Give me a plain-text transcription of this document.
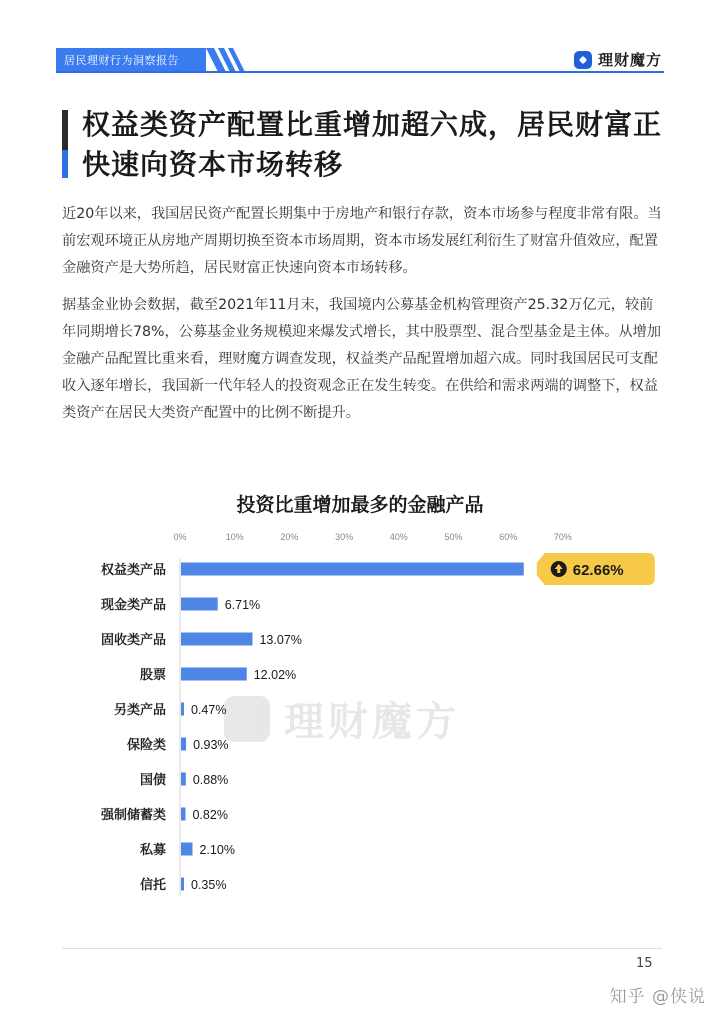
居民理财行为洞察报告	理财魔方
权益类资产配置比重增加超六成，居民财富正快速向资本市场转移

近20年以来，我国居民资产配置长期集中于房地产和银行存款，资本市场参与程度非常有限。当前宏观环境正从房地产周期切换至资本市场周期，资本市场发展红利衍生了财富升值效应，配置金融资产是大势所趋，居民财富正快速向资本市场转移。

据基金业协会数据，截至2021年11月末，我国境内公募基金机构管理资产25.32万亿元，较前年同期增长78%，公募基金业务规模迎来爆发式增长，其中股票型、混合型基金是主体。从增加金融产品配置比重来看，理财魔方调查发现，权益类产品配置增加超六成。同时我国居民可支配收入逐年增长，我国新一代年轻人的投资观念正在发生转变。在供给和需求两端的调整下，权益类资产在居民大类资产配置中的比例不断提升。

投资比重增加最多的金融产品
理财魔方
0%	10%	20%	30%	40%	50%	60%	70%
权益类产品	62.66%
现金类产品	6.71%
固收类产品	13.07%
股票	12.02%
另类产品 0.47%
保险类 0.93%
国债 0.88%
强制储蓄类 0.82%
私募	2.10%
信托 0.35%
15
知乎 @侠说
